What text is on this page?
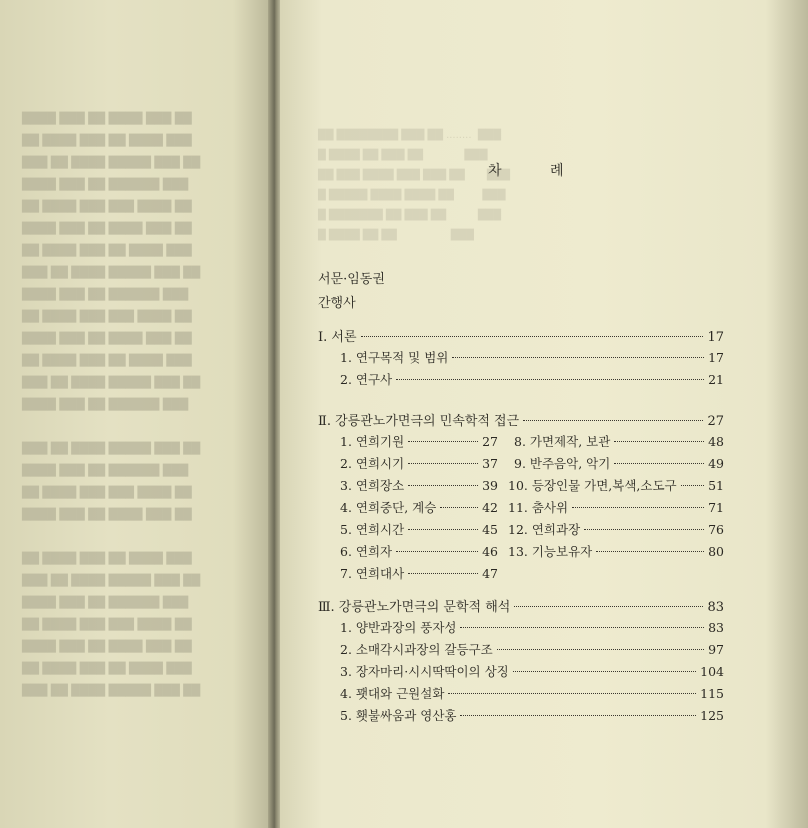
████ ███ ██ ████ ███ ██
██ ████ ███ ██ ████ ███
███ ██ ████ █████ ███ ██
████ ███ ██ ██████ ███
██ ████ ███ ███ ████ ██
████ ███ ██ ████ ███ ██
██ ████ ███ ██ ████ ███
███ ██ ████ █████ ███ ██
████ ███ ██ ██████ ███
██ ████ ███ ███ ████ ██
████ ███ ██ ████ ███ ██
██ ████ ███ ██ ████ ███
███ ██ ████ █████ ███ ██
████ ███ ██ ██████ ███

███ ██ ████ █████ ███ ██
████ ███ ██ ██████ ███
██ ████ ███ ███ ████ ██
████ ███ ██ ████ ███ ██

██ ████ ███ ██ ████ ███
███ ██ ████ █████ ███ ██
████ ███ ██ ██████ ███
██ ████ ███ ███ ████ ██
████ ███ ██ ████ ███ ██
██ ████ ███ ██ ████ ███
███ ██ ████ █████ ███ ██
██ ████████ ███ ██ ........  ███
█ ████ ██ ███ ██             ███
██ ███ ████ ███ ███ ██       ███
█ █████ ████ ████ ██         ███
█ ███████ ██ ███ ██          ███
█ ████ ██ ██                 ███
차 례
서문·임동권
간행사
Ⅰ. 서론	17
1. 연구목적 및 범위	17
2. 연구사	21
Ⅱ. 강릉관노가면극의 민속학적 접근	27
1. 연희기원	27
2. 연희시기	37
3. 연희장소	39
4. 연희중단, 계승	42
5. 연희시간	45
6. 연희자	46
7. 연희대사	47
8. 가면제작, 보관	48
9. 반주음악, 악기	49
10. 등장인물 가면,복색,소도구	51
11. 춤사위	71
12. 연희과장	76
13. 기능보유자	80
Ⅲ. 강릉관노가면극의 문학적 해석	83
1. 양반과장의 풍자성	83
2. 소매각시과장의 갈등구조	97
3. 장자마리·시시딱딱이의 상징	104
4. 꽷대와 근원설화	115
5. 횃불싸움과 영산홍	125
